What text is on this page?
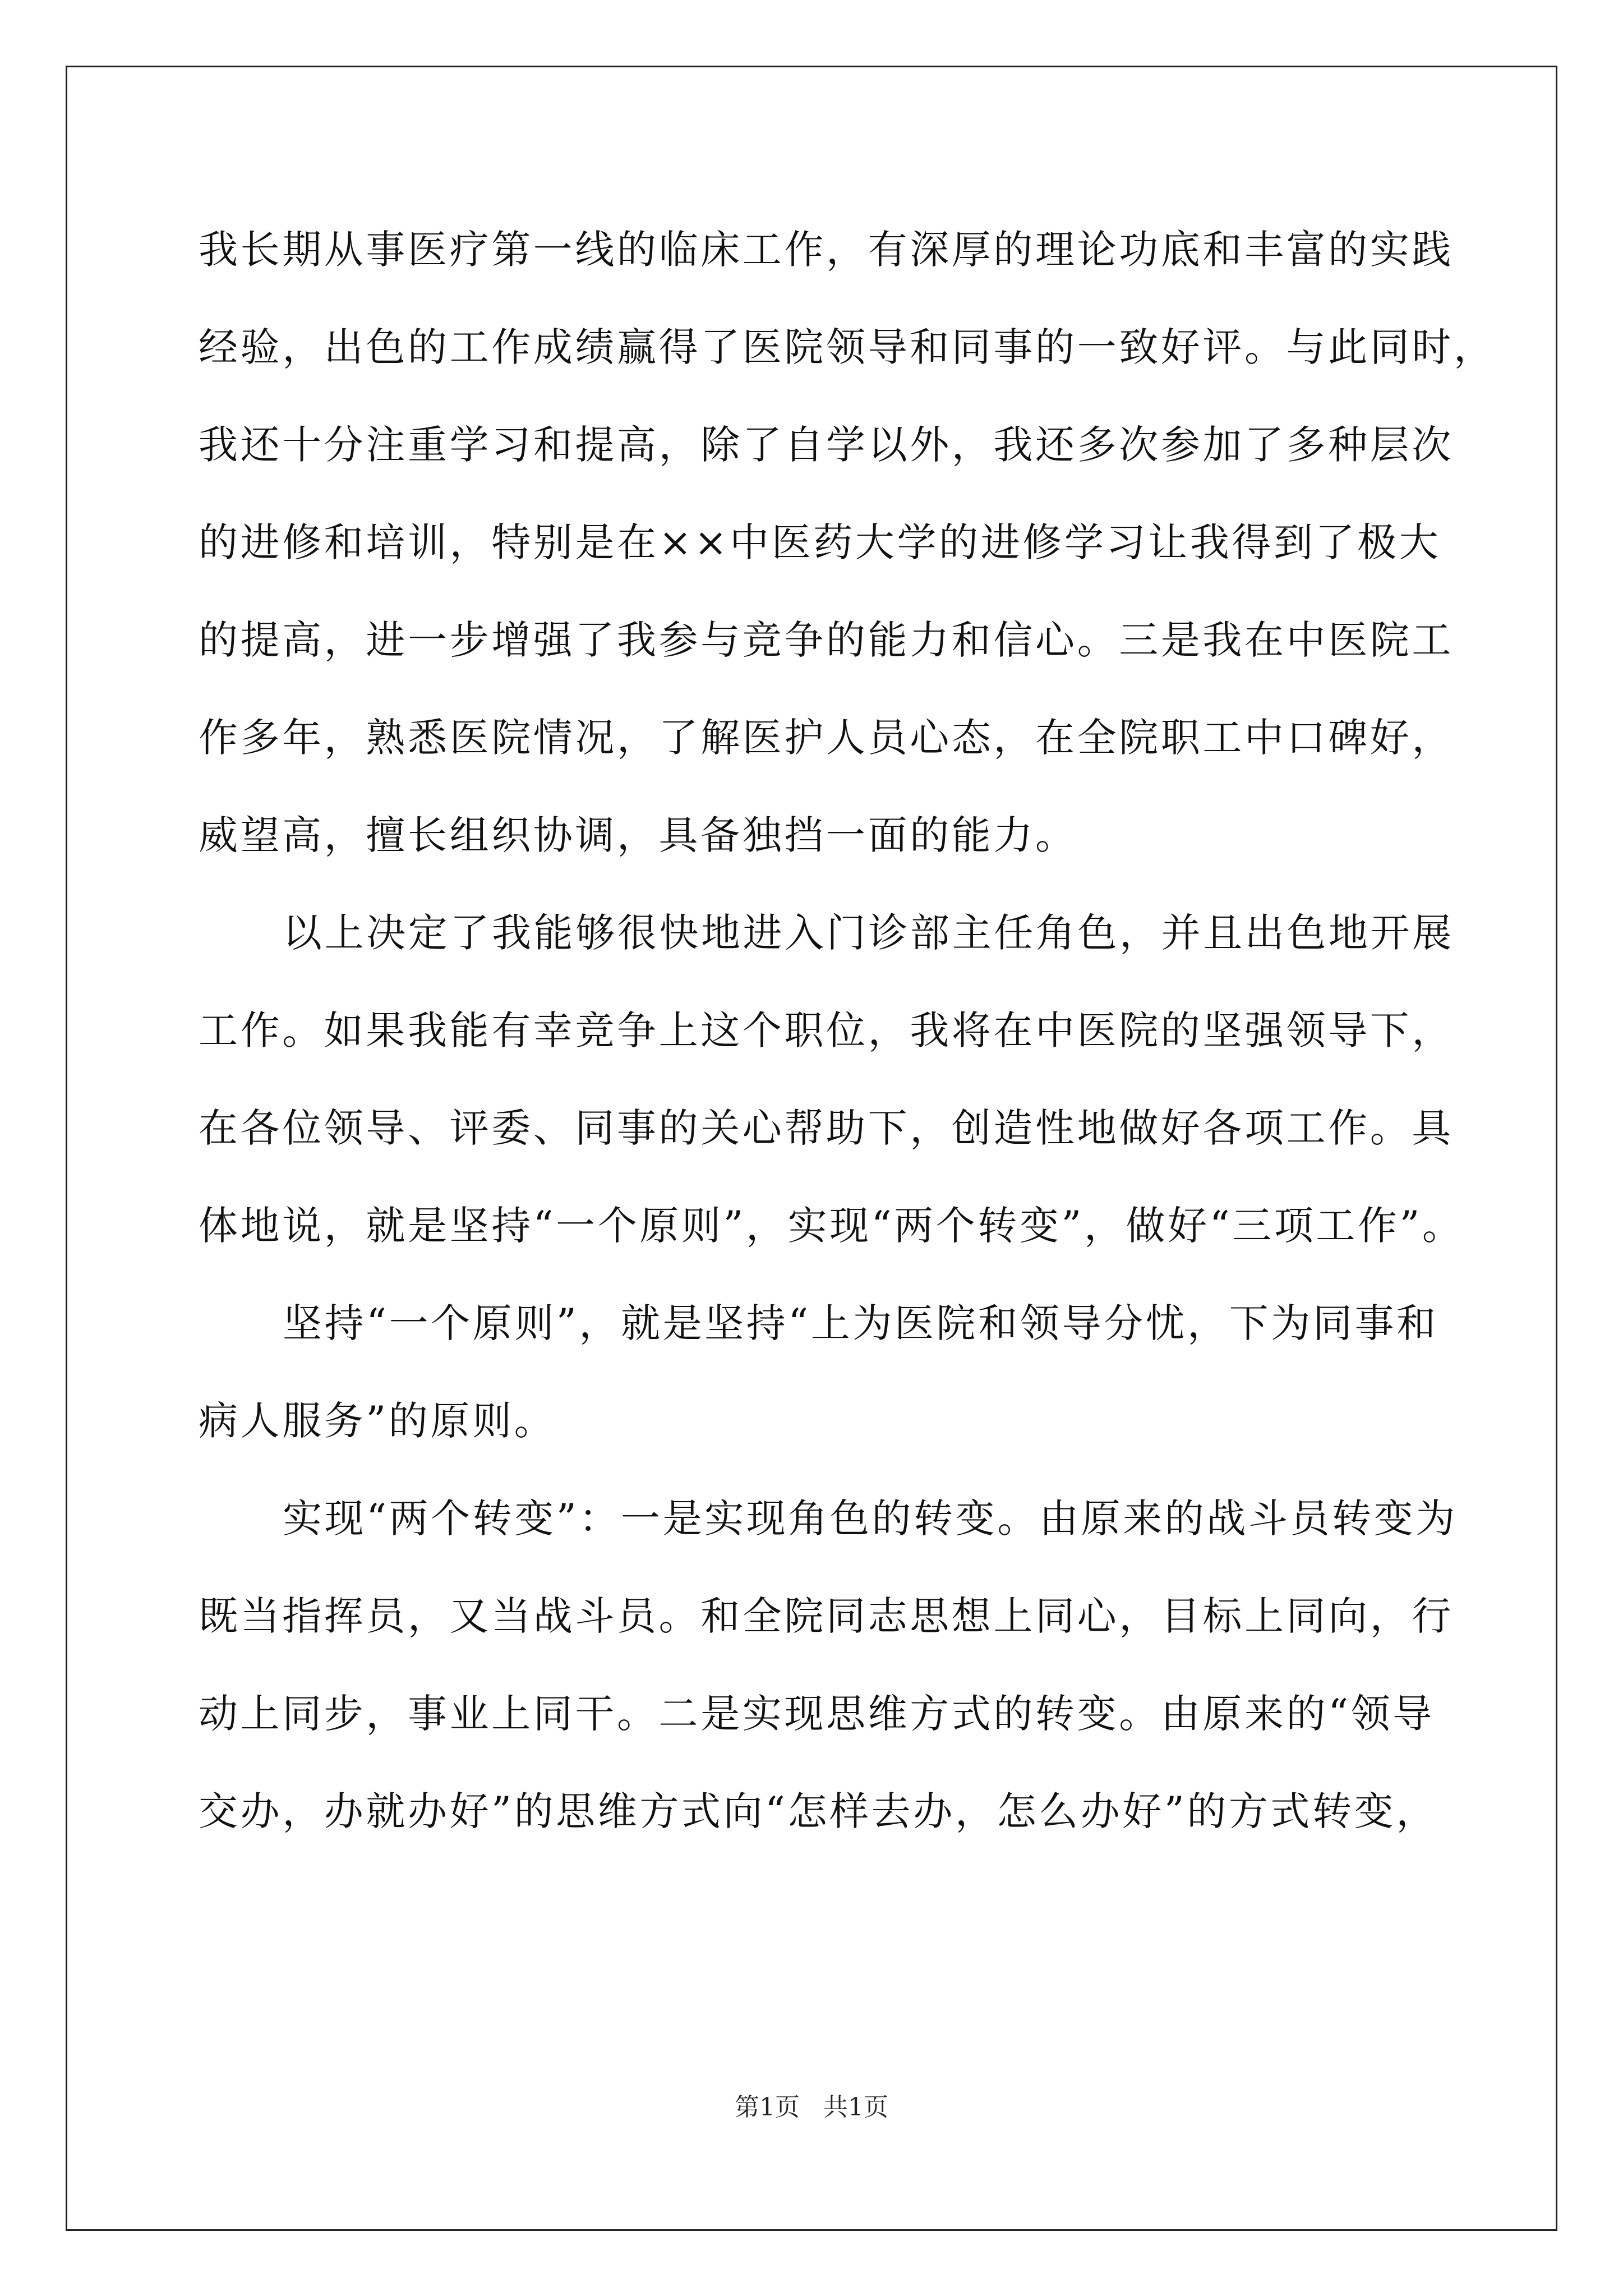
我长期从事医疗第一线的临床工作，有深厚的理论功底和丰富的实践
经验，出色的工作成绩赢得了医院领导和同事的一致好评。与此同时，
我还十分注重学习和提高，除了自学以外，我还多次参加了多种层次
的进修和培训，特别是在××中医药大学的进修学习让我得到了极大
的提高，进一步增强了我参与竞争的能力和信心。三是我在中医院工
作多年，熟悉医院情况，了解医护人员心态，在全院职工中口碑好，
威望高，擅长组织协调，具备独挡一面的能力。
以上决定了我能够很快地进入门诊部主任角色，并且出色地开展
工作。如果我能有幸竞争上这个职位，我将在中医院的坚强领导下，
在各位领导、评委、同事的关心帮助下，创造性地做好各项工作。具
体地说，就是坚持“一个原则”，实现“两个转变”，做好“三项工作”。
坚持“一个原则”，就是坚持“上为医院和领导分忧，下为同事和
病人服务”的原则。
实现“两个转变”：一是实现角色的转变。由原来的战斗员转变为
既当指挥员，又当战斗员。和全院同志思想上同心，目标上同向，行
动上同步，事业上同干。二是实现思维方式的转变。由原来的“领导
交办，办就办好”的思维方式向“怎样去办，怎么办好”的方式转变，
第1页   共1页
